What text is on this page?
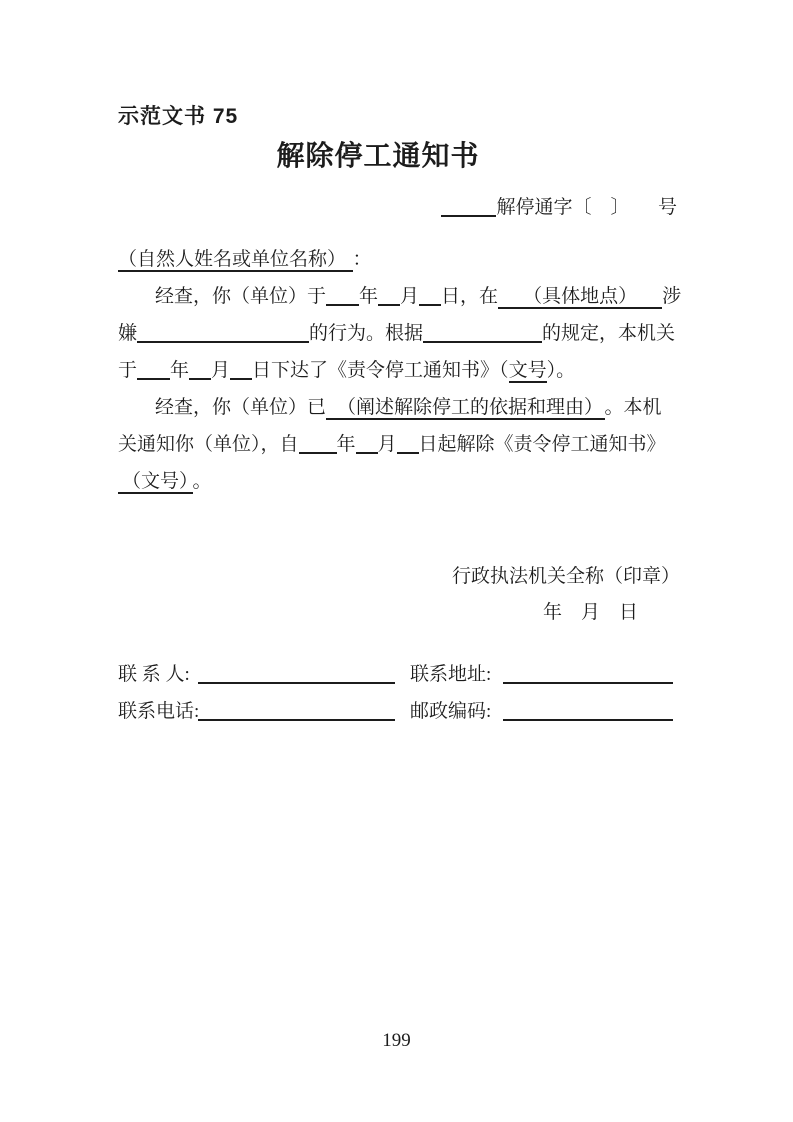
示范文书 75
解除停工通知书
解停通字〔　〕　　号
（自然人姓名或单位名称） ：
经查，你（单位）于 年 月 日，在 （具体地点） 涉
嫌	的行为。根据	的规定，本机关
于 年 月 日下达了《责令停工通知书》（文号）。
经查，你（单位）已 （阐述解除停工的依据和理由） 。本机
关通知你（单位），自 年 月 日起解除《责令停工通知书》
（文号） 。
行政执法机关全称（印章）
年　月　日
联 系 人:	联系地址:
联系电话:	邮政编码:
199
